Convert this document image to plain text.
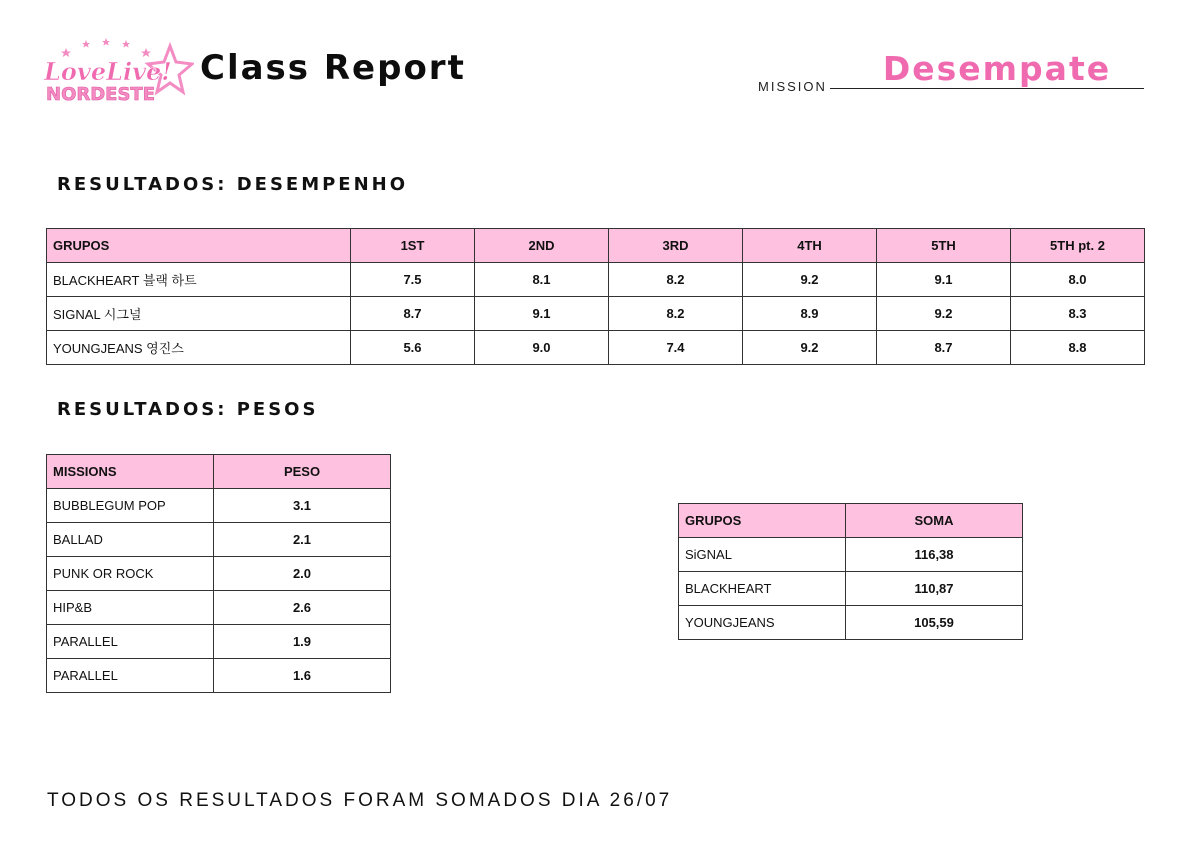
LoveLive!
NORDESTE
Class Report	MISSION	Desempate
RESULTADOS: DESEMPENHO
GRUPOS	1ST	2ND	3RD	4TH	5TH	5TH pt. 2
BLACKHEART 블랙 하트	7.5	8.1	8.2	9.2	9.1	8.0
SIGNAL 시그널	8.7	9.1	8.2	8.9	9.2	8.3
YOUNGJEANS 영진스	5.6	9.0	7.4	9.2	8.7	8.8
RESULTADOS: PESOS
MISSIONS	PESO
BUBBLEGUM POP	3.1
BALLAD	2.1
PUNK OR ROCK	2.0
HIP&B	2.6
PARALLEL	1.9
PARALLEL	1.6
GRUPOS	SOMA
SiGNAL	116,38
BLACKHEART	110,87
YOUNGJEANS	105,59
TODOS OS RESULTADOS FORAM SOMADOS DIA 26/07
